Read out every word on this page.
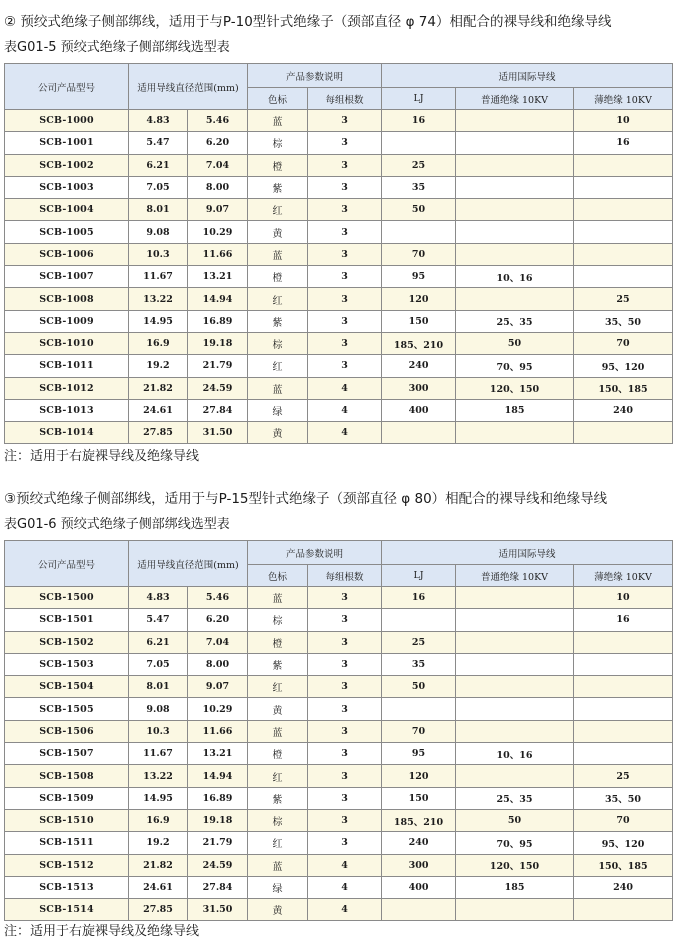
② 预绞式绝缘子侧部绑线，适用于与P-10型针式绝缘子（颈部直径 φ 74）相配合的裸导线和绝缘导线
表G01-5 预绞式绝缘子侧部绑线选型表
公司产品型号	适用导线直径范围(mm)		产品参数说明		适用国际导线		
			色标	每组根数	LJ	普通绝缘 10KV	薄绝缘 10KV
SCB-1000	4.83	5.46	蓝	3	16		10
SCB-1001	5.47	6.20	棕	3			16
SCB-1002	6.21	7.04	橙	3	25		
SCB-1003	7.05	8.00	紫	3	35		
SCB-1004	8.01	9.07	红	3	50		
SCB-1005	9.08	10.29	黄	3			
SCB-1006	10.3	11.66	蓝	3	70		
SCB-1007	11.67	13.21	橙	3	95	10、16	
SCB-1008	13.22	14.94	红	3	120		25
SCB-1009	14.95	16.89	紫	3	150	25、35	35、50
SCB-1010	16.9	19.18	棕	3	185、210	50	70
SCB-1011	19.2	21.79	红	3	240	70、95	95、120
SCB-1012	21.82	24.59	蓝	4	300	120、150	150、185
SCB-1013	24.61	27.84	绿	4	400	185	240
SCB-1014	27.85	31.50	黄	4			
注：适用于右旋裸导线及绝缘导线
③预绞式绝缘子侧部绑线，适用于与P-15型针式绝缘子（颈部直径 φ 80）相配合的裸导线和绝缘导线
表G01-6 预绞式绝缘子侧部绑线选型表
公司产品型号	适用导线直径范围(mm)		产品参数说明		适用国际导线		
			色标	每组根数	LJ	普通绝缘 10KV	薄绝缘 10KV
SCB-1500	4.83	5.46	蓝	3	16		10
SCB-1501	5.47	6.20	棕	3			16
SCB-1502	6.21	7.04	橙	3	25		
SCB-1503	7.05	8.00	紫	3	35		
SCB-1504	8.01	9.07	红	3	50		
SCB-1505	9.08	10.29	黄	3			
SCB-1506	10.3	11.66	蓝	3	70		
SCB-1507	11.67	13.21	橙	3	95	10、16	
SCB-1508	13.22	14.94	红	3	120		25
SCB-1509	14.95	16.89	紫	3	150	25、35	35、50
SCB-1510	16.9	19.18	棕	3	185、210	50	70
SCB-1511	19.2	21.79	红	3	240	70、95	95、120
SCB-1512	21.82	24.59	蓝	4	300	120、150	150、185
SCB-1513	24.61	27.84	绿	4	400	185	240
SCB-1514	27.85	31.50	黄	4			
注：适用于右旋裸导线及绝缘导线
